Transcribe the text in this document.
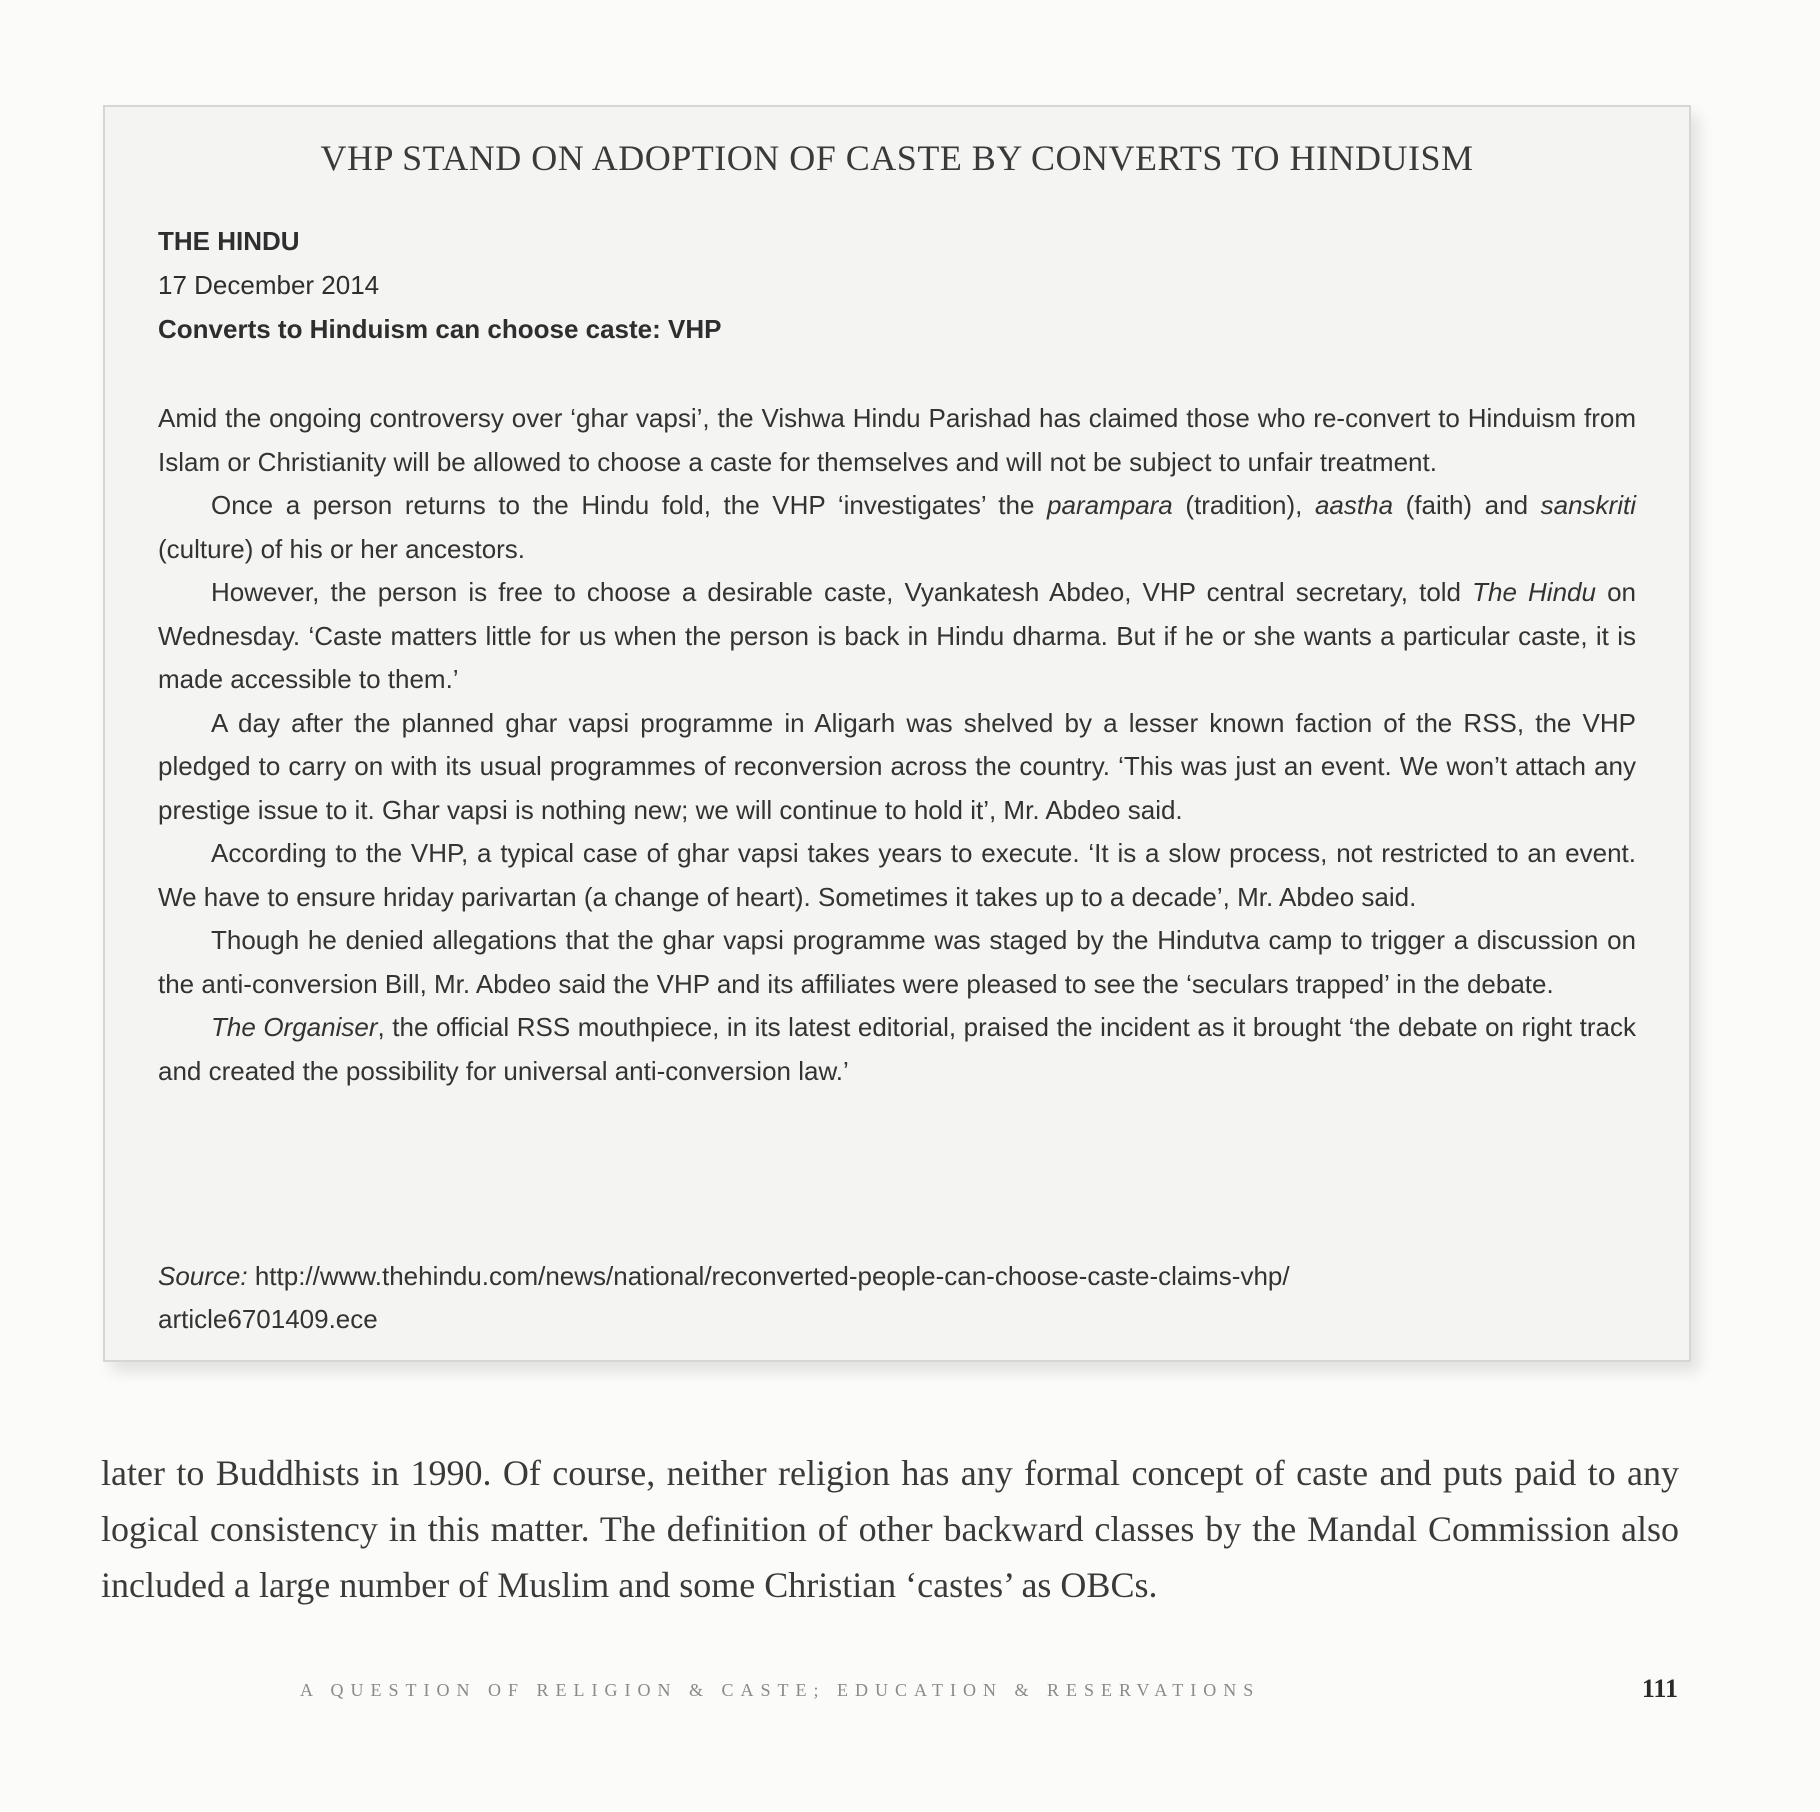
VHP STAND ON ADOPTION OF CASTE BY CONVERTS TO HINDUISM
THE HINDU
17 December 2014
Converts to Hinduism can choose caste: VHP

Amid the ongoing controversy over ‘ghar vapsi’, the Vishwa Hindu Parishad has claimed those who re-convert to Hinduism from Islam or Christianity will be allowed to choose a caste for themselves and will not be subject to unfair treatment.

Once a person returns to the Hindu fold, the VHP ‘investigates’ the parampara (tradition), aastha (faith) and sanskriti (culture) of his or her ancestors.

However, the person is free to choose a desirable caste, Vyankatesh Abdeo, VHP central secretary, told The Hindu on Wednesday. ‘Caste matters little for us when the person is back in Hindu dharma. But if he or she wants a particular caste, it is made accessible to them.’

A day after the planned ghar vapsi programme in Aligarh was shelved by a lesser known faction of the RSS, the VHP pledged to carry on with its usual programmes of reconversion across the country. ‘This was just an event. We won’t attach any prestige issue to it. Ghar vapsi is nothing new; we will continue to hold it’, Mr. Abdeo said.

According to the VHP, a typical case of ghar vapsi takes years to execute. ‘It is a slow process, not restricted to an event. We have to ensure hriday parivartan (a change of heart). Sometimes it takes up to a decade’, Mr. Abdeo said.

Though he denied allegations that the ghar vapsi programme was staged by the Hindutva camp to trigger a discussion on the anti-conversion Bill, Mr. Abdeo said the VHP and its affiliates were pleased to see the ‘seculars trapped’ in the debate.

The Organiser, the official RSS mouthpiece, in its latest editorial, praised the incident as it brought ‘the debate on right track and created the possibility for universal anti-conversion law.’

Source: http://www.thehindu.com/news/national/reconverted-people-can-choose-caste-claims-vhp/
article6701409.ece

later to Buddhists in 1990. Of course, neither religion has any formal concept of caste and puts paid to any logical consistency in this matter. The definition of other backward classes by the Mandal Commission also included a large number of Muslim and some Christian ‘castes’ as OBCs.

A QUESTION OF RELIGION & CASTE; EDUCATION & RESERVATIONS	111
